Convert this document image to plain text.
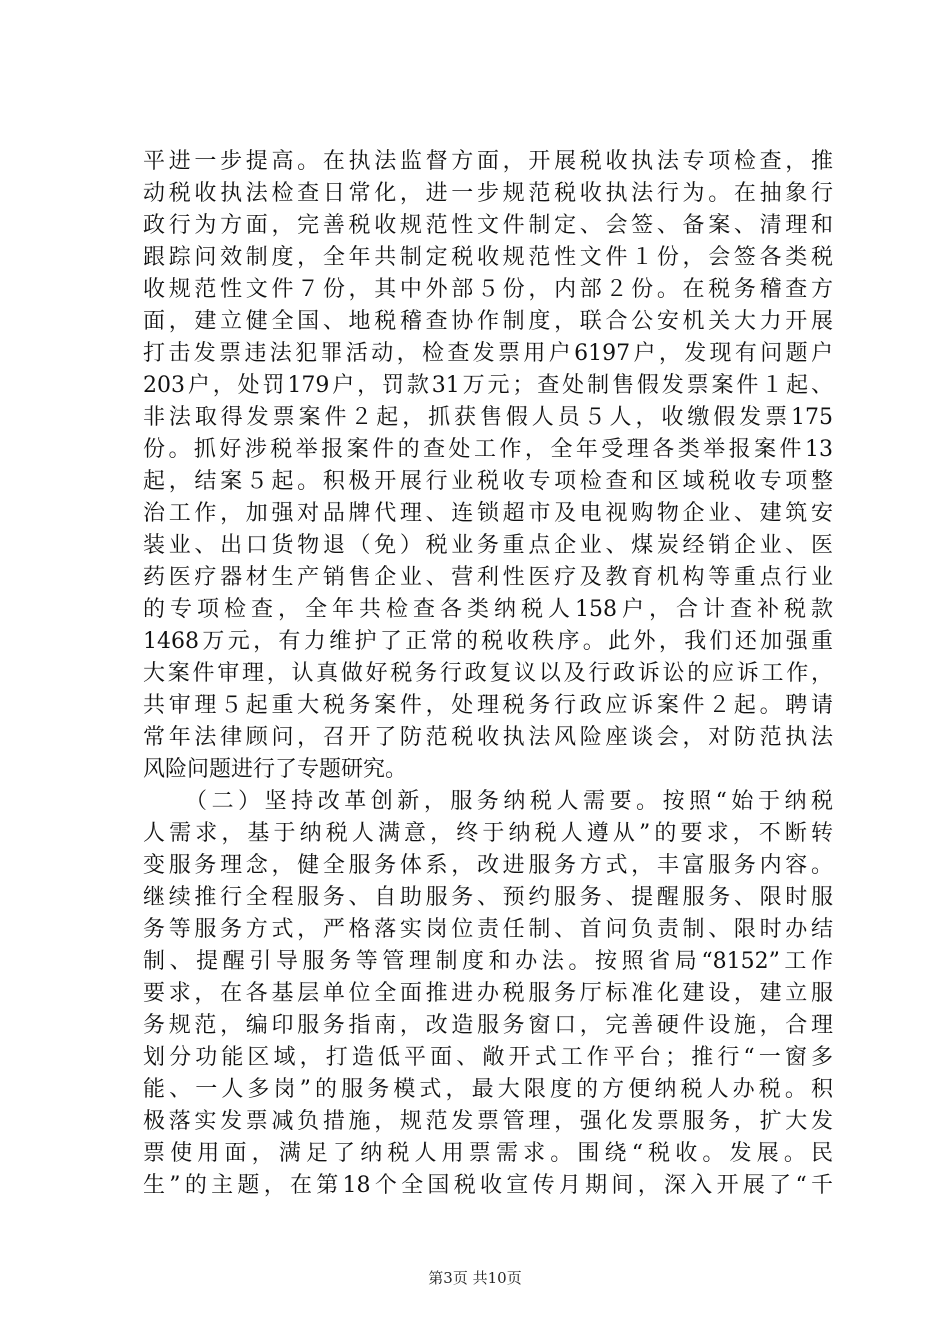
平进一步提高。在执法监督方面，开展税收执法专项检查，推
动税收执法检查日常化，进一步规范税收执法行为。在抽象行
政行为方面，完善税收规范性文件制定、会签、备案、清理和
跟踪问效制度，全年共制定税收规范性文件１份，会签各类税
收规范性文件７份，其中外部５份，内部２份。在税务稽查方
面，建立健全国、地税稽查协作制度，联合公安机关大力开展
打击发票违法犯罪活动，检查发票用户6197户，发现有问题户
203户，处罚179户，罚款31万元；查处制售假发票案件１起、
非法取得发票案件２起，抓获售假人员５人，收缴假发票175
份。抓好涉税举报案件的查处工作，全年受理各类举报案件13
起，结案５起。积极开展行业税收专项检查和区域税收专项整
治工作，加强对品牌代理、连锁超市及电视购物企业、建筑安
装业、出口货物退（免）税业务重点企业、煤炭经销企业、医
药医疗器材生产销售企业、营利性医疗及教育机构等重点行业
的专项检查，全年共检查各类纳税人158户，合计查补税款
1468万元，有力维护了正常的税收秩序。此外，我们还加强重
大案件审理，认真做好税务行政复议以及行政诉讼的应诉工作，
共审理５起重大税务案件，处理税务行政应诉案件２起。聘请
常年法律顾问，召开了防范税收执法风险座谈会，对防范执法
风险问题进行了专题研究。
　　（二）坚持改革创新，服务纳税人需要。按照“始于纳税
人需求，基于纳税人满意，终于纳税人遵从”的要求，不断转
变服务理念，健全服务体系，改进服务方式，丰富服务内容。
继续推行全程服务、自助服务、预约服务、提醒服务、限时服
务等服务方式，严格落实岗位责任制、首问负责制、限时办结
制、提醒引导服务等管理制度和办法。按照省局“8152”工作
要求，在各基层单位全面推进办税服务厅标准化建设，建立服
务规范，编印服务指南，改造服务窗口，完善硬件设施，合理
划分功能区域，打造低平面、敞开式工作平台；推行“一窗多
能、一人多岗”的服务模式，最大限度的方便纳税人办税。积
极落实发票减负措施，规范发票管理，强化发票服务，扩大发
票使用面，满足了纳税人用票需求。围绕“税收。发展。民
生”的主题，在第18个全国税收宣传月期间，深入开展了“千
第3页 共10页
